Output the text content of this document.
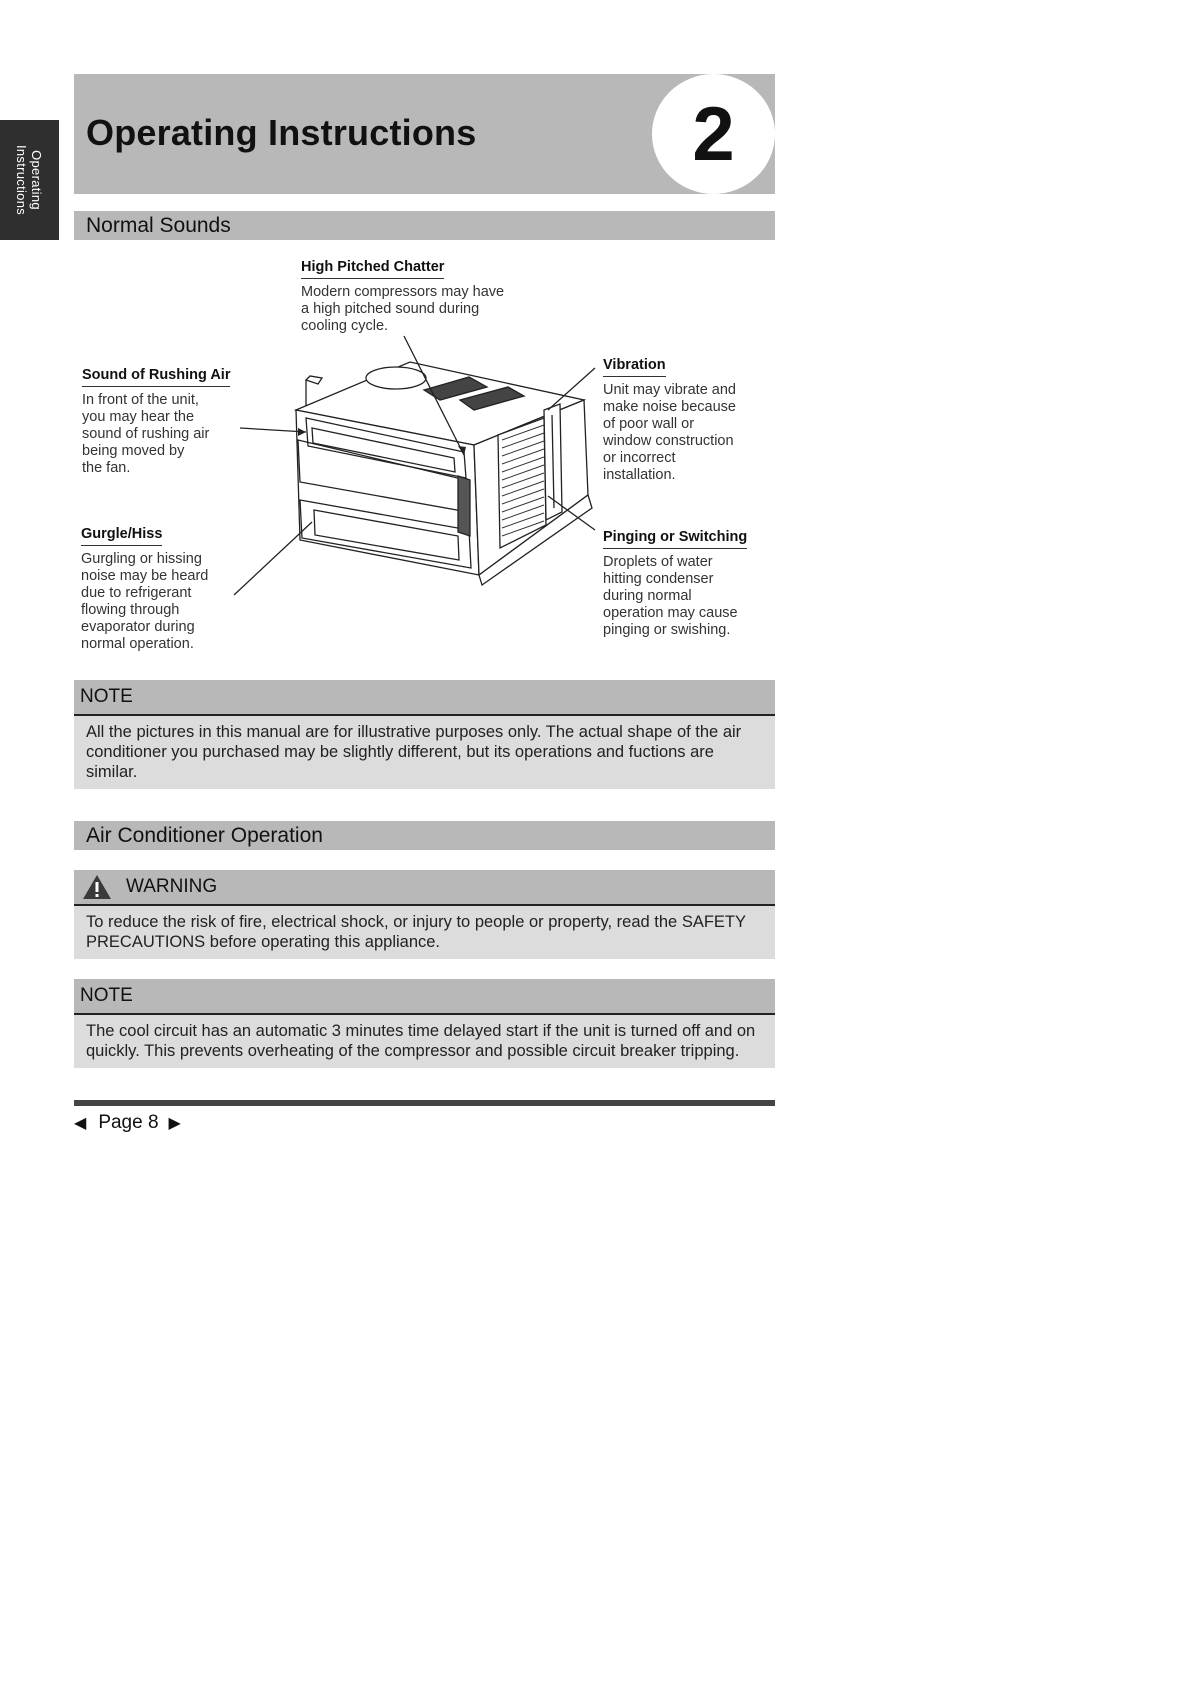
Operating
Instructions
Operating Instructions	2
Normal Sounds
High Pitched Chatter
Modern compressors may have
a high pitched sound during
cooling cycle.
Sound of Rushing Air
In front of the unit,
you may hear the
sound of rushing air
being moved by
the fan.
Vibration
Unit may vibrate and
make noise because
of poor wall or
window construction
or incorrect
installation.
Gurgle/Hiss
Gurgling or hissing
noise may be heard
due to refrigerant
flowing through
evaporator during
normal operation.
Pinging or Switching
Droplets of water
hitting condenser
during normal
operation may cause
pinging or swishing.
NOTE
All the pictures in this manual are for illustrative purposes only. The actual shape of the air conditioner you purchased may be slightly different, but its operations and fuctions are similar.
Air Conditioner Operation
WARNING
To reduce the risk of fire, electrical shock, or injury to people or property, read the SAFETY PRECAUTIONS before operating this appliance.
NOTE
The cool circuit has an automatic 3 minutes time delayed start if the unit is turned off and on quickly. This prevents overheating of the compressor and possible circuit breaker tripping.
◀ Page 8 ▶
